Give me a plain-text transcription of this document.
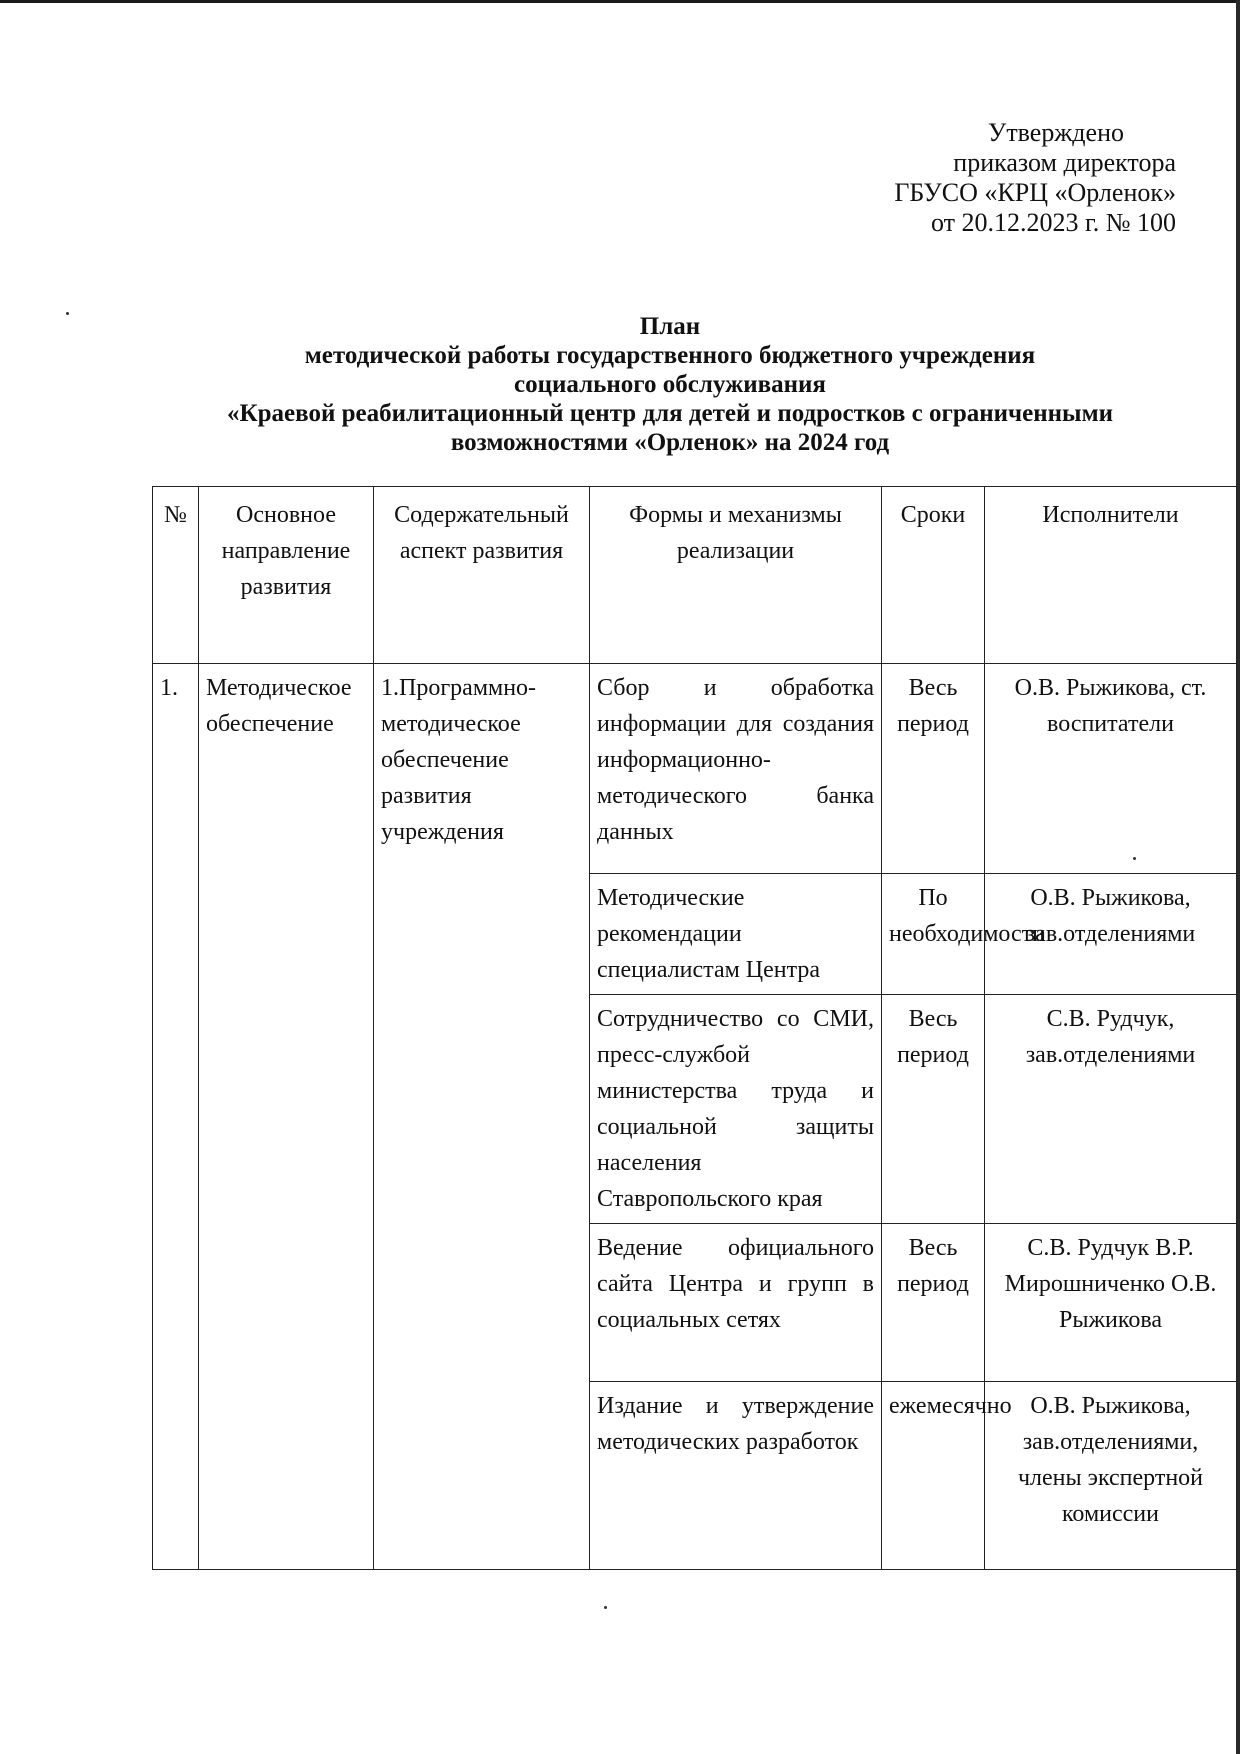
Утверждено
приказом директора
ГБУСО «КРЦ «Орленок»
от 20.12.2023 г. № 100
План
методической работы государственного бюджетного учреждения
социального обслуживания
«Краевой реабилитационный центр для детей и подростков с ограниченными
возможностями «Орленок» на 2024 год
№	Основное направление развития	Содержательный аспект развития	Формы и механизмы реализации	Сроки	Исполнители
1.	Методическое обеспечение	1.Программно-методическое обеспечение развития учреждения	Сбор и обработка информации для создания информационно-методического банка данных	Весь период	О.В. Рыжикова, ст. воспитатели
			Методические рекомендации специалистам Центра	По необходимости	О.В. Рыжикова, зав.отделениями
			Сотрудничество со СМИ, пресс-службой министерства труда и социальной защиты населения Ставропольского края	Весь период	С.В. Рудчук, зав.отделениями
			Ведение официального сайта Центра и групп в социальных сетях	Весь период	С.В. Рудчук В.Р. Мирошниченко О.В. Рыжикова
			Издание и утверждение методических разработок	ежемесячно	О.В. Рыжикова, зав.отделениями, члены экспертной комиссии
